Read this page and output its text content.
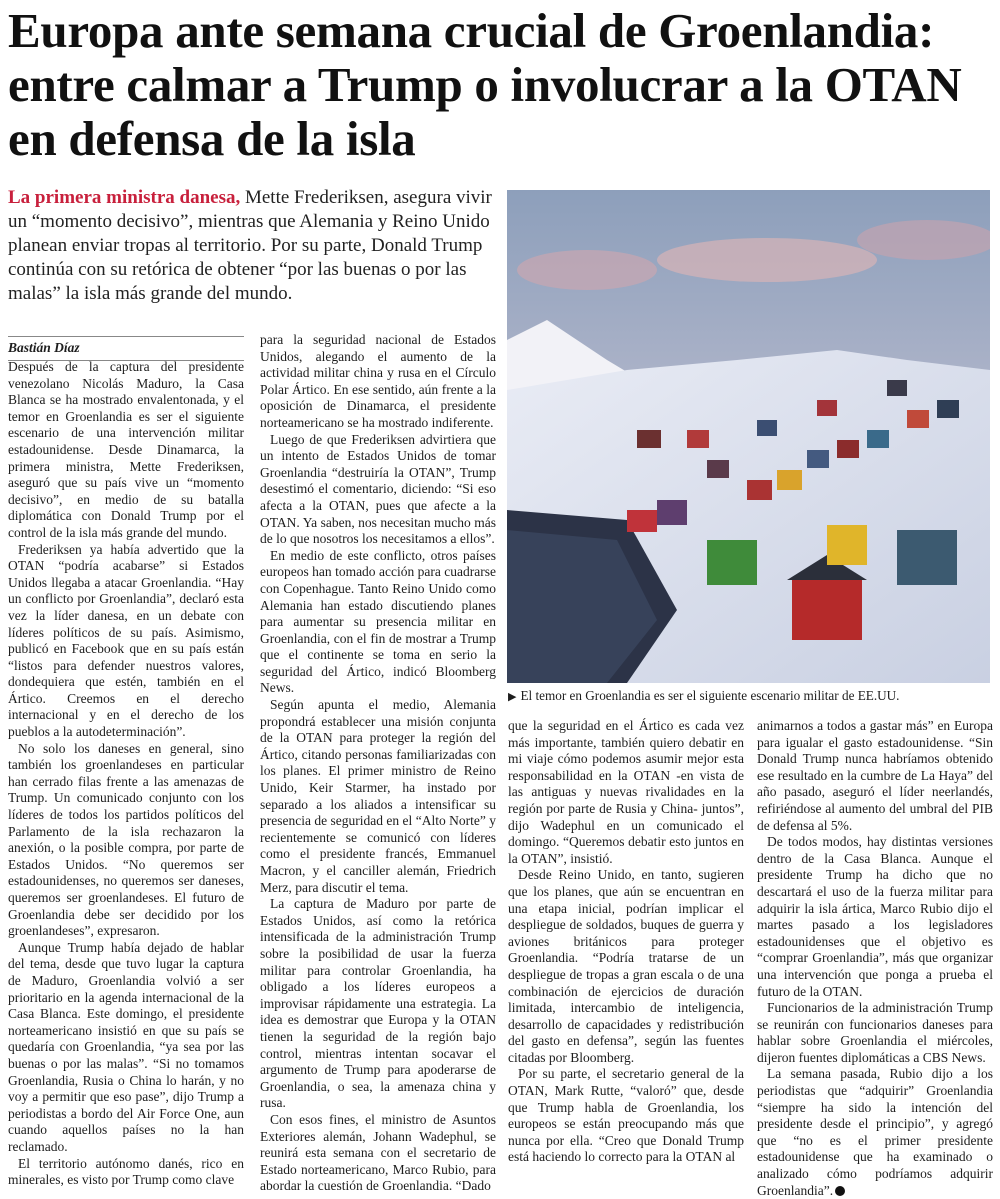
Europa ante semana crucial de Groenlandia: entre calmar a Trump o involucrar a la OTAN en defensa de la isla
La primera ministra danesa, Mette Frederiksen, asegura vivir un “momento decisivo”, mientras que Alemania y Reino Unido planean enviar tropas al territorio. Por su parte, Donald Trump continúa con su retórica de obtener “por las buenas o por las malas” la isla más grande del mundo.
▶ El temor en Groenlandia es ser el siguiente escenario militar de EE.UU.
Bastián Díaz

Después de la captura del presidente venezolano Nicolás Maduro, la Casa Blanca se ha mostrado envalentonada, y el temor en Groenlandia es ser el siguiente escenario de una intervención militar estadounidense. Desde Dinamarca, la primera ministra, Mette Frederiksen, aseguró que su país vive un “momento decisivo”, en medio de su batalla diplomática con Donald Trump por el control de la isla más grande del mundo.

Frederiksen ya había advertido que la OTAN “podría acabarse” si Estados Unidos llegaba a atacar Groenlandia. “Hay un conflicto por Groenlandia”, declaró esta vez la líder danesa, en un debate con líderes políticos de su país. Asimismo, publicó en Facebook que en su país están “listos para defender nuestros valores, dondequiera que estén, también en el Ártico. Creemos en el derecho internacional y en el derecho de los pueblos a la autodeterminación”.

No solo los daneses en general, sino también los groenlandeses en particular han cerrado filas frente a las amenazas de Trump. Un comunicado conjunto con los líderes de todos los partidos políticos del Parlamento de la isla rechazaron la anexión, o la posible compra, por parte de Estados Unidos. “No queremos ser estadounidenses, no queremos ser daneses, queremos ser groenlandeses. El futuro de Groenlandia debe ser decidido por los groenlandeses”, expresaron.

Aunque Trump había dejado de hablar del tema, desde que tuvo lugar la captura de Maduro, Groenlandia volvió a ser prioritario en la agenda internacional de la Casa Blanca. Este domingo, el presidente norteamericano insistió en que su país se quedaría con Groenlandia, “ya sea por las buenas o por las malas”. “Si no tomamos Groenlandia, Rusia o China lo harán, y no voy a permitir que eso pase”, dijo Trump a periodistas a bordo del Air Force One, aun cuando aquellos países no la han reclamado.

El territorio autónomo danés, rico en minerales, es visto por Trump como clave

para la seguridad nacional de Estados Unidos, alegando el aumento de la actividad militar china y rusa en el Círculo Polar Ártico. En ese sentido, aún frente a la oposición de Dinamarca, el presidente norteamericano se ha mostrado indiferente.

Luego de que Frederiksen advirtiera que un intento de Estados Unidos de tomar Groenlandia “destruiría la OTAN”, Trump desestimó el comentario, diciendo: “Si eso afecta a la OTAN, pues que afecte a la OTAN. Ya saben, nos necesitan mucho más de lo que nosotros los necesitamos a ellos”.

En medio de este conflicto, otros países europeos han tomado acción para cuadrarse con Copenhague. Tanto Reino Unido como Alemania han estado discutiendo planes para aumentar su presencia militar en Groenlandia, con el fin de mostrar a Trump que el continente se toma en serio la seguridad del Ártico, indicó Bloomberg News.

Según apunta el medio, Alemania propondrá establecer una misión conjunta de la OTAN para proteger la región del Ártico, citando personas familiarizadas con los planes. El primer ministro de Reino Unido, Keir Starmer, ha instado por separado a los aliados a intensificar su presencia de seguridad en el “Alto Norte” y recientemente se comunicó con líderes como el presidente francés, Emmanuel Macron, y el canciller alemán, Friedrich Merz, para discutir el tema.

La captura de Maduro por parte de Estados Unidos, así como la retórica intensificada de la administración Trump sobre la posibilidad de usar la fuerza militar para controlar Groenlandia, ha obligado a los líderes europeos a improvisar rápidamente una estrategia. La idea es demostrar que Europa y la OTAN tienen la seguridad de la región bajo control, mientras intentan socavar el argumento de Trump para apoderarse de Groenlandia, o sea, la amenaza china y rusa.

Con esos fines, el ministro de Asuntos Exteriores alemán, Johann Wadephul, se reunirá esta semana con el secretario de Estado norteamericano, Marco Rubio, para abordar la cuestión de Groenlandia. “Dado

que la seguridad en el Ártico es cada vez más importante, también quiero debatir en mi viaje cómo podemos asumir mejor esta responsabilidad en la OTAN -en vista de las antiguas y nuevas rivalidades en la región por parte de Rusia y China- juntos”, dijo Wadephul en un comunicado el domingo. “Queremos debatir esto juntos en la OTAN”, insistió.

Desde Reino Unido, en tanto, sugieren que los planes, que aún se encuentran en una etapa inicial, podrían implicar el despliegue de soldados, buques de guerra y aviones británicos para proteger Groenlandia. “Podría tratarse de un despliegue de tropas a gran escala o de una combinación de ejercicios de duración limitada, intercambio de inteligencia, desarrollo de capacidades y redistribución del gasto en defensa”, según las fuentes citadas por Bloomberg.

Por su parte, el secretario general de la OTAN, Mark Rutte, “valoró” que, desde que Trump habla de Groenlandia, los europeos se están preocupando más que nunca por ella. “Creo que Donald Trump está haciendo lo correcto para la OTAN al

animarnos a todos a gastar más” en Europa para igualar el gasto estadounidense. “Sin Donald Trump nunca habríamos obtenido ese resultado en la cumbre de La Haya” del año pasado, aseguró el líder neerlandés, refiriéndose al aumento del umbral del PIB de defensa al 5%.

De todos modos, hay distintas versiones dentro de la Casa Blanca. Aunque el presidente Trump ha dicho que no descartará el uso de la fuerza militar para adquirir la isla ártica, Marco Rubio dijo el martes pasado a los legisladores estadounidenses que el objetivo es “comprar Groenlandia”, más que organizar una intervención que ponga a prueba el futuro de la OTAN.

Funcionarios de la administración Trump se reunirán con funcionarios daneses para hablar sobre Groenlandia el miércoles, dijeron fuentes diplomáticas a CBS News.

La semana pasada, Rubio dijo a los periodistas que “adquirir” Groenlandia “siempre ha sido la intención del presidente desde el principio”, y agregó que “no es el primer presidente estadounidense que ha examinado o analizado cómo podríamos adquirir Groenlandia”.
